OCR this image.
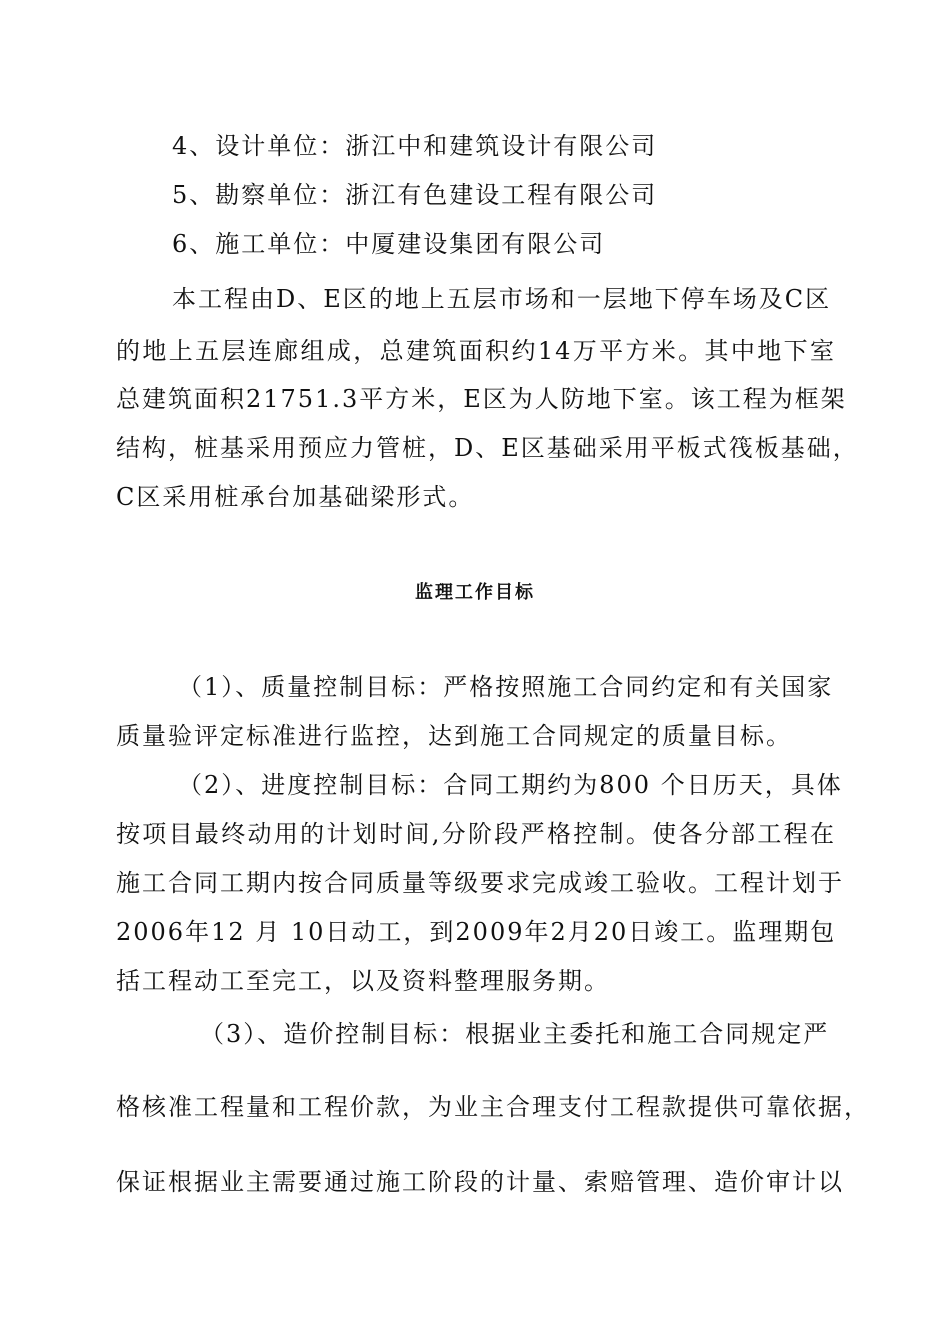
4、设计单位：浙江中和建筑设计有限公司
5、勘察单位：浙江有色建设工程有限公司
6、施工单位：中厦建设集团有限公司
本工程由D、E区的地上五层市场和一层地下停车场及C区
的地上五层连廊组成，总建筑面积约14万平方米。其中地下室
总建筑面积21751.3平方米，E区为人防地下室。该工程为框架
结构，桩基采用预应力管桩，D、E区基础采用平板式筏板基础，
C区采用桩承台加基础梁形式。
监理工作目标
（1）、质量控制目标：严格按照施工合同约定和有关国家
质量验评定标准进行监控，达到施工合同规定的质量目标。
（2）、进度控制目标：合同工期约为800 个日历天，具体
按项目最终动用的计划时间,分阶段严格控制。使各分部工程在
施工合同工期内按合同质量等级要求完成竣工验收。工程计划于
2006年12 月 10日动工，到2009年2月20日竣工。监理期包
括工程动工至完工，以及资料整理服务期。
（3）、造价控制目标：根据业主委托和施工合同规定严
格核准工程量和工程价款，为业主合理支付工程款提供可靠依据，
保证根据业主需要通过施工阶段的计量、索赔管理、造价审计以
